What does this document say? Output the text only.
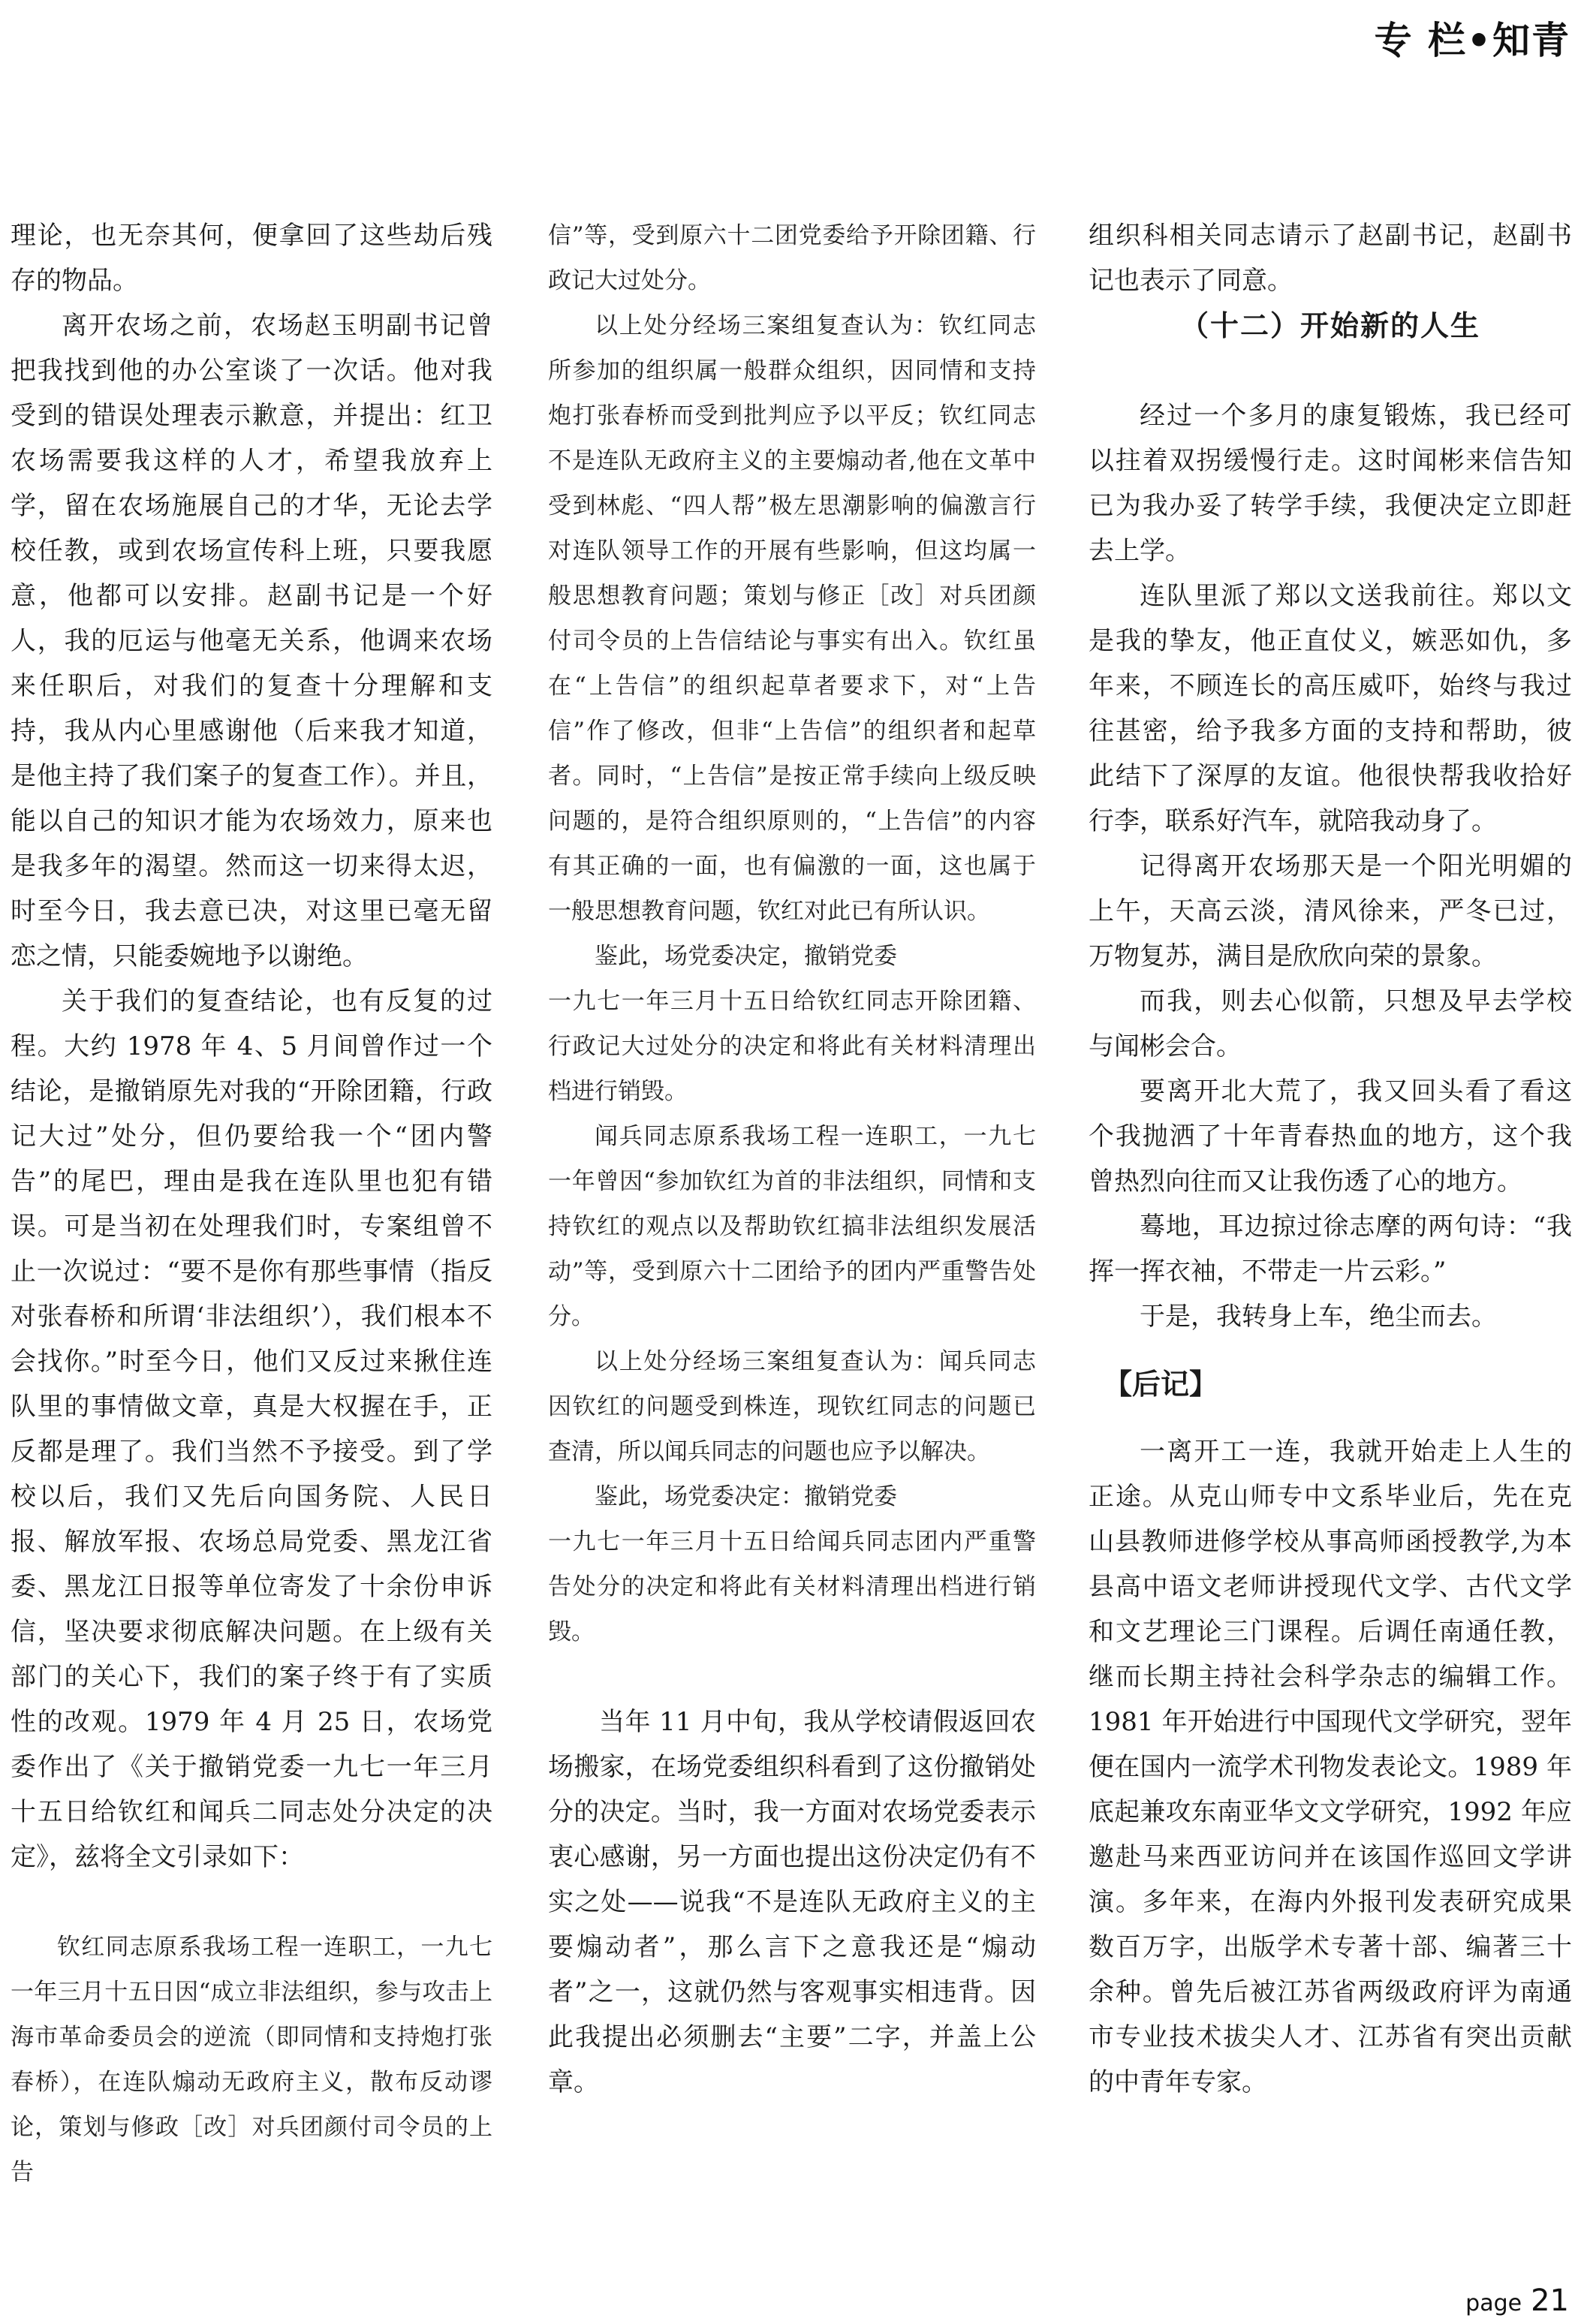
专 栏•知青

理论，也无奈其何，便拿回了这些劫后残存的物品。

离开农场之前，农场赵玉明副书记曾把我找到他的办公室谈了一次话。他对我受到的错误处理表示歉意，并提出：红卫农场需要我这样的人才，希望我放弃上学，留在农场施展自己的才华，无论去学校任教，或到农场宣传科上班，只要我愿意，他都可以安排。赵副书记是一个好人，我的厄运与他毫无关系，他调来农场来任职后，对我们的复查十分理解和支持，我从内心里感谢他（后来我才知道，是他主持了我们案子的复查工作）。并且，能以自己的知识才能为农场效力，原来也是我多年的渴望。然而这一切来得太迟，时至今日，我去意已决，对这里已毫无留恋之情，只能委婉地予以谢绝。

关于我们的复查结论，也有反复的过程。大约 1978 年 4、5 月间曾作过一个结论，是撤销原先对我的“开除团籍，行政记大过”处分，但仍要给我一个“团内警告”的尾巴，理由是我在连队里也犯有错误。可是当初在处理我们时，专案组曾不止一次说过：“要不是你有那些事情（指反对张春桥和所谓‘非法组织’），我们根本不会找你。”时至今日，他们又反过来揪住连队里的事情做文章，真是大权握在手，正反都是理了。我们当然不予接受。到了学校以后，我们又先后向国务院、人民日报、解放军报、农场总局党委、黑龙江省委、黑龙江日报等单位寄发了十余份申诉信，坚决要求彻底解决问题。在上级有关部门的关心下，我们的案子终于有了实质性的改观。1979 年 4 月 25 日，农场党委作出了《关于撤销党委一九七一年三月十五日给钦红和闻兵二同志处分决定的决定》，兹将全文引录如下：

钦红同志原系我场工程一连职工，一九七一年三月十五日因“成立非法组织，参与攻击上海市革命委员会的逆流（即同情和支持炮打张春桥），在连队煽动无政府主义，散布反动谬论，策划与修政［改］对兵团颜付司令员的上告

信”等，受到原六十二团党委给予开除团籍、行政记大过处分。

以上处分经场三案组复查认为：钦红同志所参加的组织属一般群众组织，因同情和支持炮打张春桥而受到批判应予以平反；钦红同志不是连队无政府主义的主要煽动者,他在文革中受到林彪、“四人帮”极左思潮影响的偏激言行对连队领导工作的开展有些影响，但这均属一般思想教育问题；策划与修正［改］对兵团颜付司令员的上告信结论与事实有出入。钦红虽在“上告信”的组织起草者要求下，对“上告信”作了修改，但非“上告信”的组织者和起草者。同时，“上告信”是按正常手续向上级反映问题的，是符合组织原则的，“上告信”的内容有其正确的一面，也有偏激的一面，这也属于一般思想教育问题，钦红对此已有所认识。

鉴此，场党委决定，撤销党委

一九七一年三月十五日给钦红同志开除团籍、行政记大过处分的决定和将此有关材料清理出档进行销毁。

闻兵同志原系我场工程一连职工，一九七一年曾因“参加钦红为首的非法组织，同情和支持钦红的观点以及帮助钦红搞非法组织发展活动”等，受到原六十二团给予的团内严重警告处分。

以上处分经场三案组复查认为：闻兵同志因钦红的问题受到株连，现钦红同志的问题已查清，所以闻兵同志的问题也应予以解决。

鉴此，场党委决定：撤销党委

一九七一年三月十五日给闻兵同志团内严重警告处分的决定和将此有关材料清理出档进行销毁。

当年 11 月中旬，我从学校请假返回农场搬家，在场党委组织科看到了这份撤销处分的决定。当时，我一方面对农场党委表示衷心感谢，另一方面也提出这份决定仍有不实之处——说我“不是连队无政府主义的主要煽动者”，那么言下之意我还是“煽动者”之一，这就仍然与客观事实相违背。因此我提出必须删去“主要”二字，并盖上公章。

组织科相关同志请示了赵副书记，赵副书记也表示了同意。

（十二）开始新的人生

经过一个多月的康复锻炼，我已经可以拄着双拐缓慢行走。这时闻彬来信告知已为我办妥了转学手续，我便决定立即赶去上学。

连队里派了郑以文送我前往。郑以文是我的挚友，他正直仗义，嫉恶如仇，多年来，不顾连长的高压威吓，始终与我过往甚密，给予我多方面的支持和帮助，彼此结下了深厚的友谊。他很快帮我收拾好行李，联系好汽车，就陪我动身了。

记得离开农场那天是一个阳光明媚的上午，天高云淡，清风徐来，严冬已过，万物复苏，满目是欣欣向荣的景象。

而我，则去心似箭，只想及早去学校与闻彬会合。

要离开北大荒了，我又回头看了看这个我抛洒了十年青春热血的地方，这个我曾热烈向往而又让我伤透了心的地方。

蓦地，耳边掠过徐志摩的两句诗：“我挥一挥衣袖，不带走一片云彩。”

于是，我转身上车，绝尘而去。

【后记】

一离开工一连，我就开始走上人生的正途。从克山师专中文系毕业后，先在克山县教师进修学校从事高师函授教学,为本县高中语文老师讲授现代文学、古代文学和文艺理论三门课程。后调任南通任教，继而长期主持社会科学杂志的编辑工作。1981 年开始进行中国现代文学研究，翌年便在国内一流学术刊物发表论文。1989 年底起兼攻东南亚华文文学研究，1992 年应邀赴马来西亚访问并在该国作巡回文学讲演。多年来，在海内外报刊发表研究成果数百万字，出版学术专著十部、编著三十余种。曾先后被江苏省两级政府评为南通市专业技术拔尖人才、江苏省有突出贡献的中青年专家。

page 21
